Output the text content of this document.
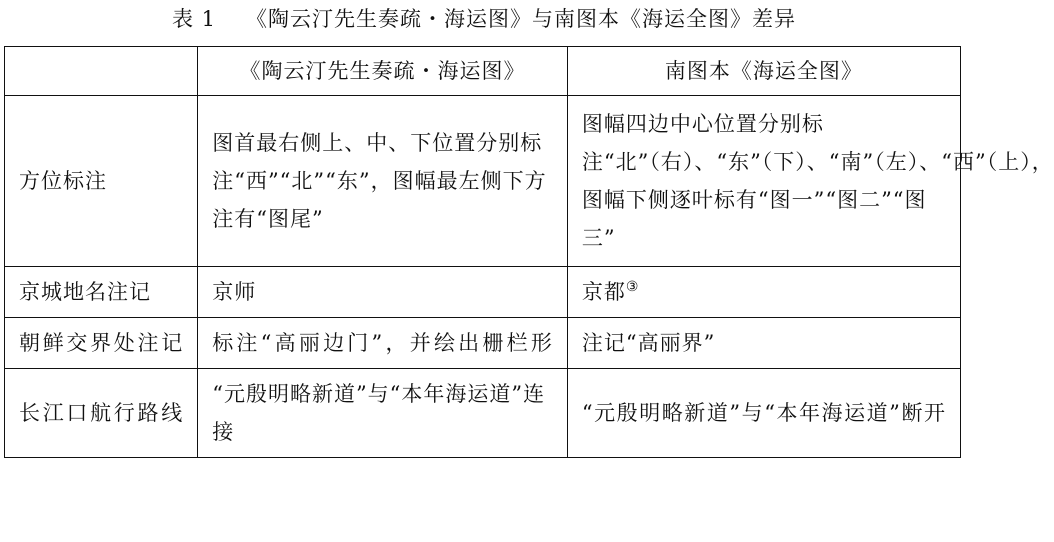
表 1 《陶云汀先生奏疏・海运图》与南图本《海运全图》差异
	《陶云汀先生奏疏・海运图》	南图本《海运全图》
方位标注	图首最右侧上、中、下位置分别标注“西”“北”“东”，图幅最左侧下方注有“图尾”	图幅四边中心位置分别标注“北”（右）、“东”（下）、“南”（左）、“西”（上），图幅下侧逐叶标有“图一”“图二”“图三”
京城地名注记	京师	京都③
朝鲜交界处注记	标注“高丽边门”，并绘出栅栏形	注记“高丽界”
长江口航行路线	“元殷明略新道”与“本年海运道”连接	“元殷明略新道”与“本年海运道”断开
